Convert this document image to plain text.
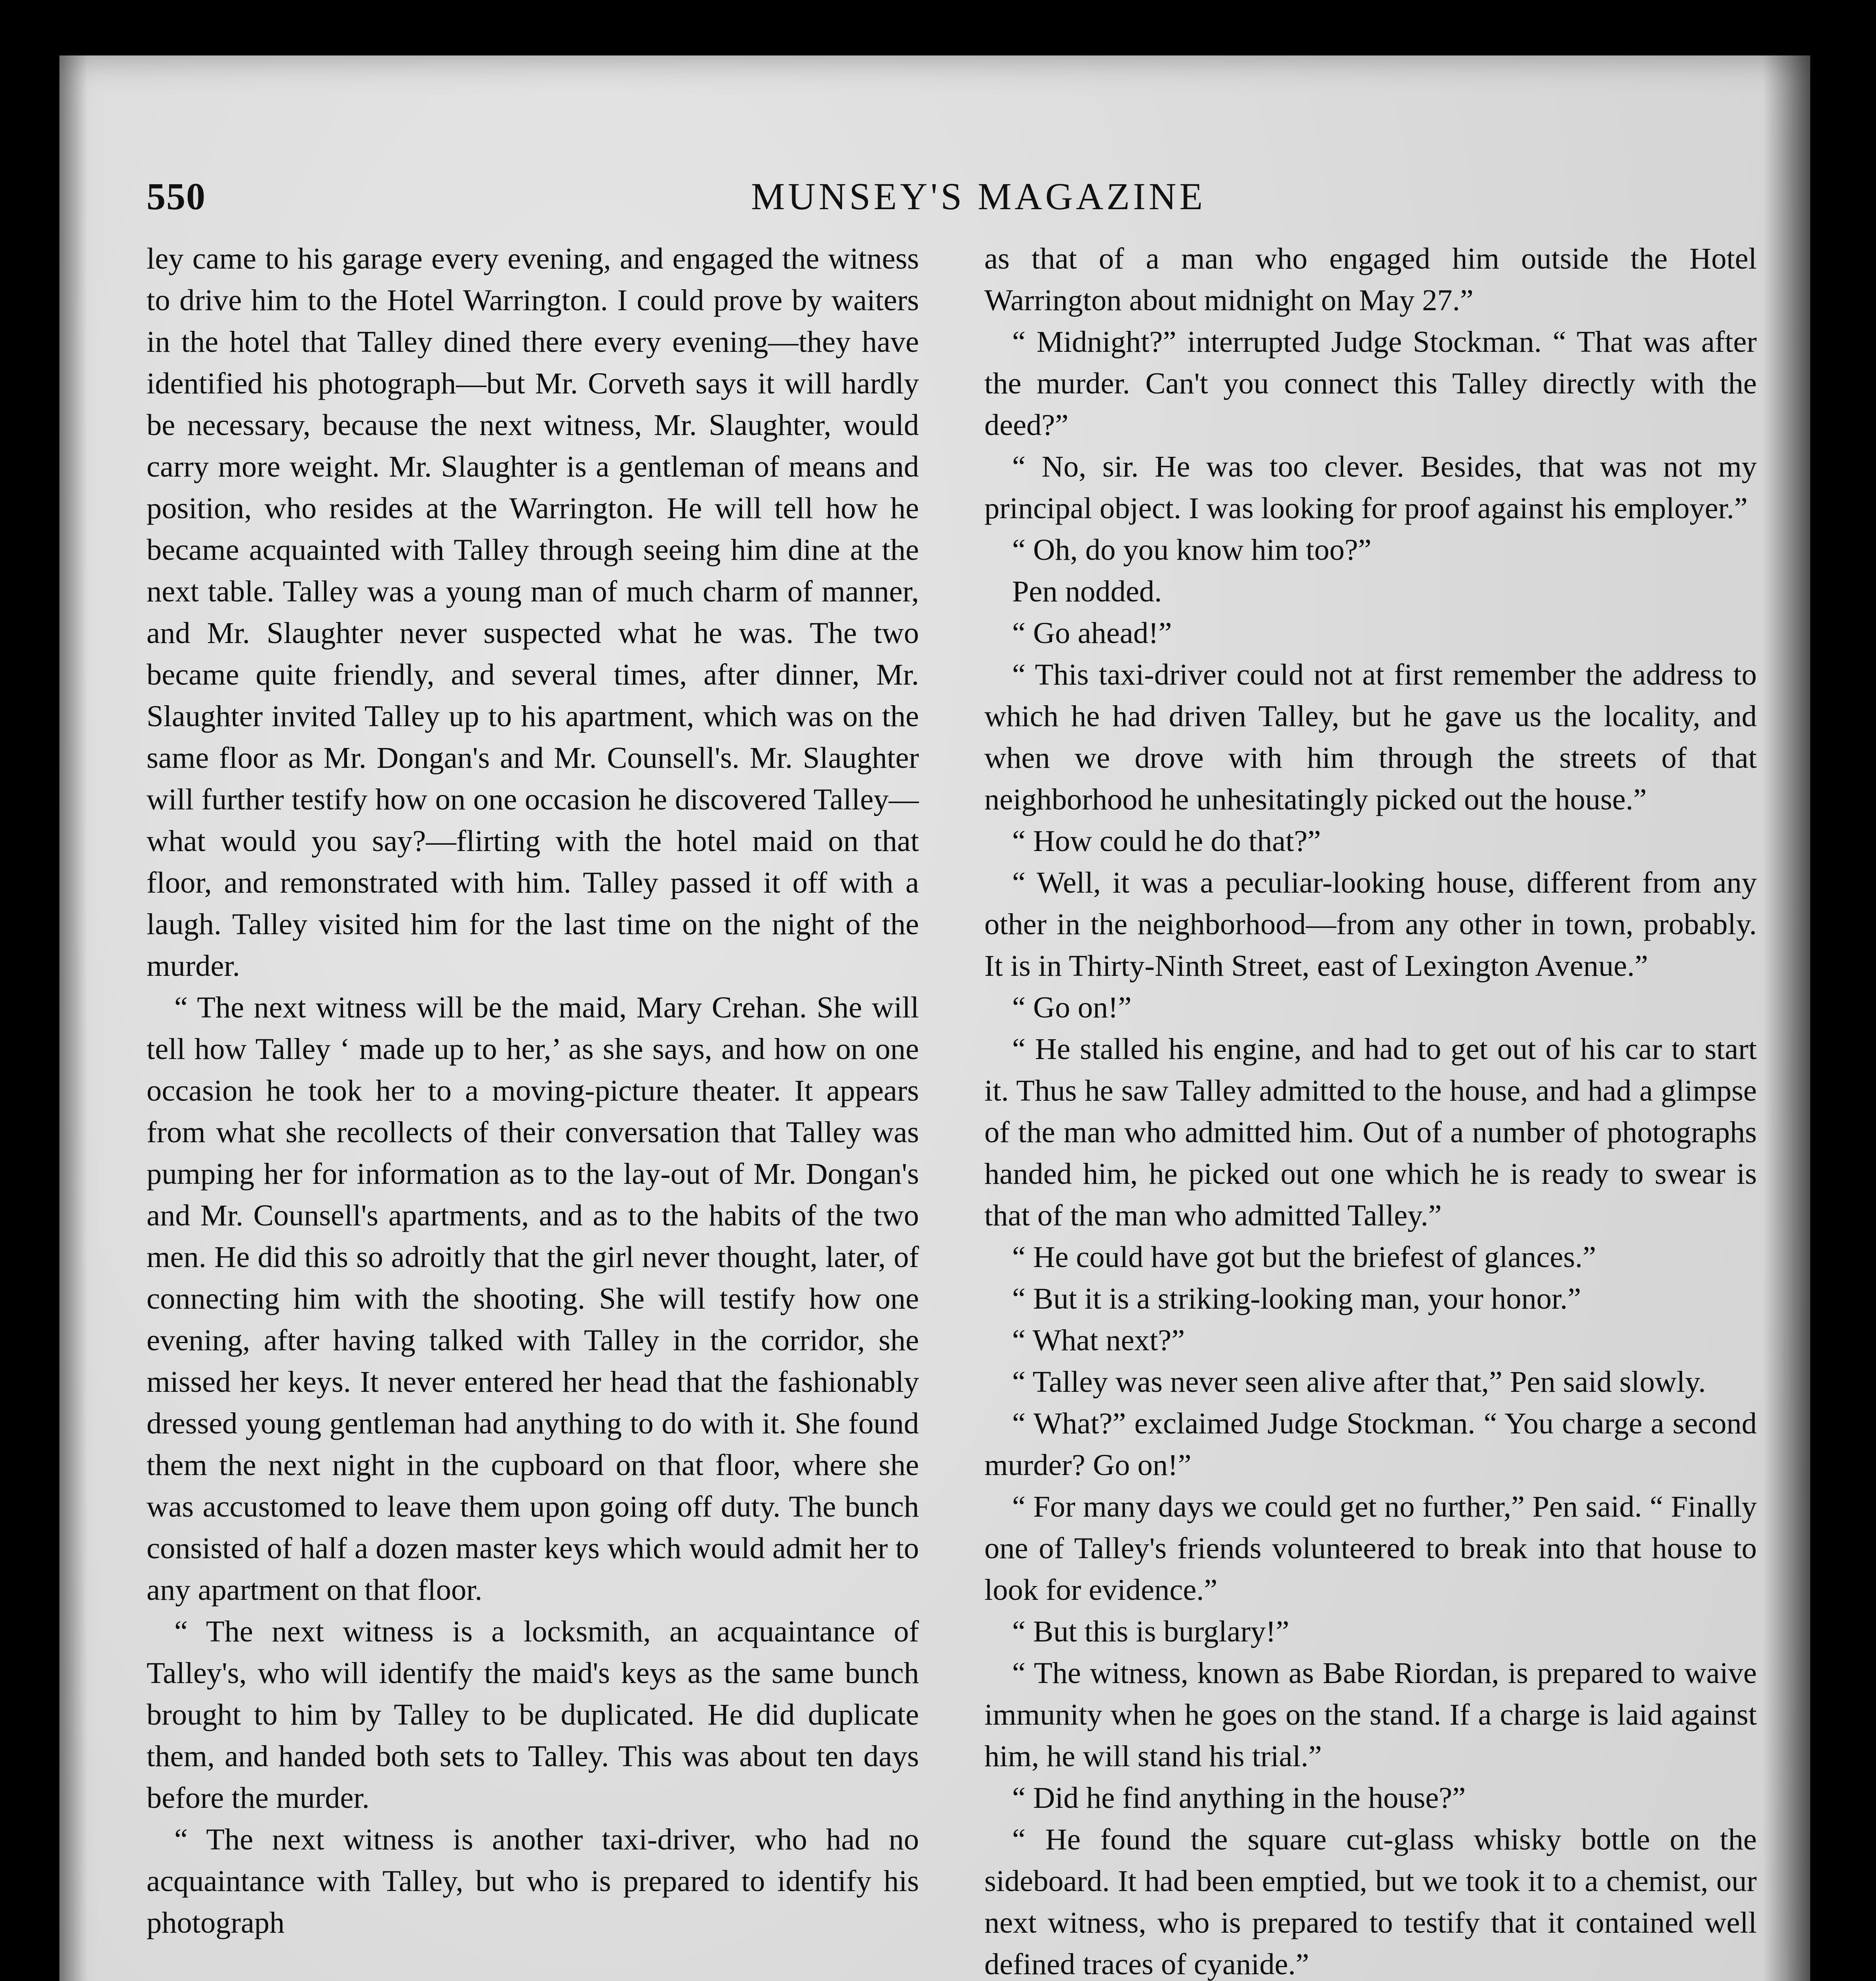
550	MUNSEY'S MAGAZINE

ley came to his garage every evening, and engaged the witness to drive him to the Hotel Warrington. I could prove by waiters in the hotel that Talley dined there every evening—they have identified his photograph—but Mr. Corveth says it will hardly be necessary, because the next witness, Mr. Slaughter, would carry more weight. Mr. Slaughter is a gentleman of means and position, who resides at the Warrington. He will tell how he became acquainted with Talley through seeing him dine at the next table. Talley was a young man of much charm of manner, and Mr. Slaughter never suspected what he was. The two became quite friendly, and several times, after dinner, Mr. Slaughter invited Talley up to his apartment, which was on the same floor as Mr. Dongan's and Mr. Counsell's. Mr. Slaughter will further testify how on one occasion he discovered Talley—what would you say?—flirting with the hotel maid on that floor, and remonstrated with him. Talley passed it off with a laugh. Talley visited him for the last time on the night of the murder.

“ The next witness will be the maid, Mary Crehan. She will tell how Talley ‘ made up to her,’ as she says, and how on one occasion he took her to a moving-picture theater. It appears from what she recollects of their conversation that Talley was pumping her for information as to the lay-out of Mr. Dongan's and Mr. Counsell's apartments, and as to the habits of the two men. He did this so adroitly that the girl never thought, later, of connecting him with the shooting. She will testify how one evening, after having talked with Talley in the corridor, she missed her keys. It never entered her head that the fashionably dressed young gentleman had anything to do with it. She found them the next night in the cupboard on that floor, where she was accustomed to leave them upon going off duty. The bunch consisted of half a dozen master keys which would admit her to any apartment on that floor.

“ The next witness is a locksmith, an acquaintance of Talley's, who will identify the maid's keys as the same bunch brought to him by Talley to be duplicated. He did duplicate them, and handed both sets to Talley. This was about ten days before the murder.

“ The next witness is another taxi-driver, who had no acquaintance with Talley, but who is prepared to identify his photograph

as that of a man who engaged him outside the Hotel Warrington about midnight on May 27.”

“ Midnight?” interrupted Judge Stockman. “ That was after the murder. Can't you connect this Talley directly with the deed?”

“ No, sir. He was too clever. Besides, that was not my principal object. I was looking for proof against his employer.”

“ Oh, do you know him too?”

Pen nodded.

“ Go ahead!”

“ This taxi-driver could not at first remember the address to which he had driven Talley, but he gave us the locality, and when we drove with him through the streets of that neighborhood he unhesitatingly picked out the house.”

“ How could he do that?”

“ Well, it was a peculiar-looking house, different from any other in the neighborhood—from any other in town, probably. It is in Thirty-Ninth Street, east of Lexington Avenue.”

“ Go on!”

“ He stalled his engine, and had to get out of his car to start it. Thus he saw Talley admitted to the house, and had a glimpse of the man who admitted him. Out of a number of photographs handed him, he picked out one which he is ready to swear is that of the man who admitted Talley.”

“ He could have got but the briefest of glances.”

“ But it is a striking-looking man, your honor.”

“ What next?”

“ Talley was never seen alive after that,” Pen said slowly.

“ What?” exclaimed Judge Stockman. “ You charge a second murder? Go on!”

“ For many days we could get no further,” Pen said. “ Finally one of Talley's friends volunteered to break into that house to look for evidence.”

“ But this is burglary!”

“ The witness, known as Babe Riordan, is prepared to waive immunity when he goes on the stand. If a charge is laid against him, he will stand his trial.”

“ Did he find anything in the house?”

“ He found the square cut-glass whisky bottle on the sideboard. It had been emptied, but we took it to a chemist, our next witness, who is prepared to testify that it contained well defined traces of cyanide.”
